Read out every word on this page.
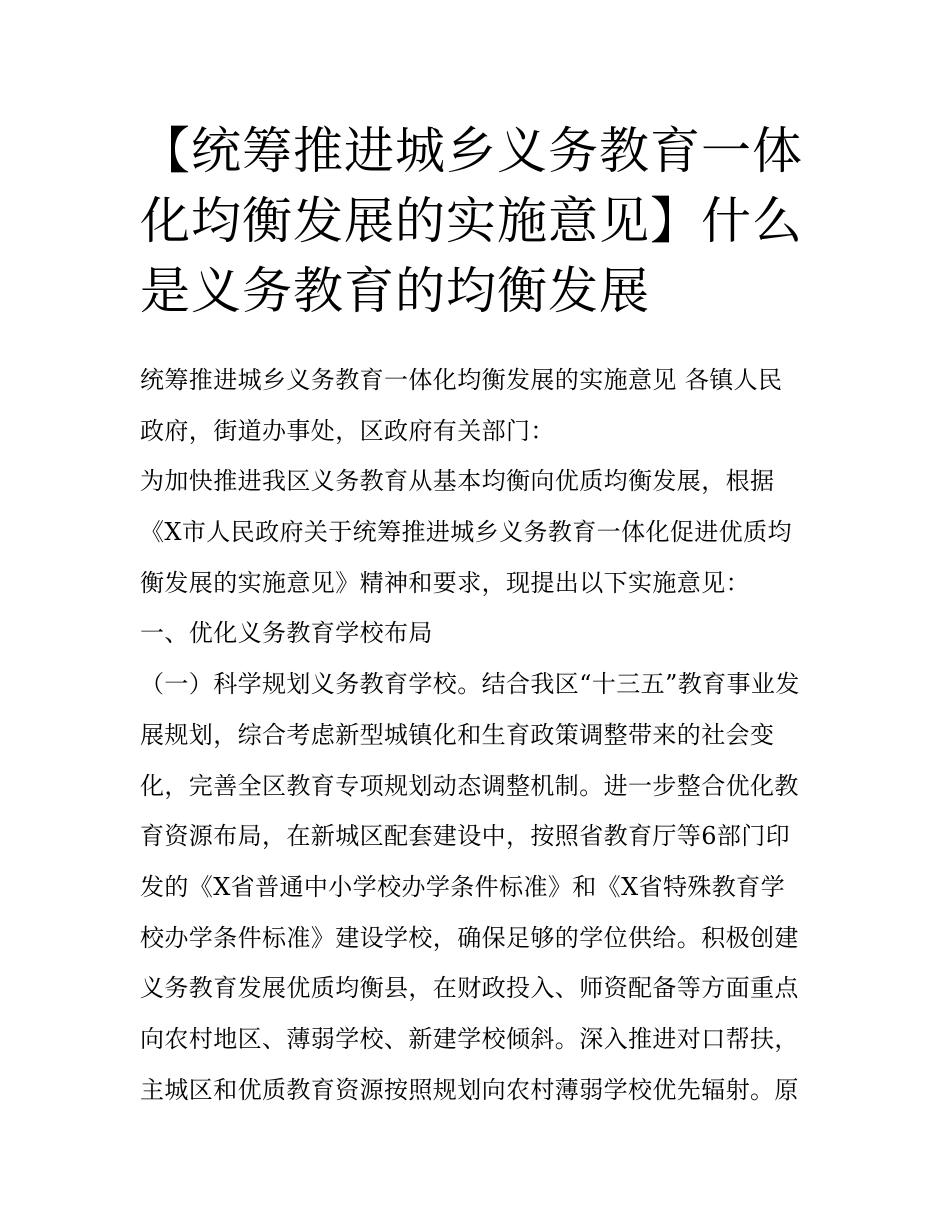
【统筹推进城乡义务教育一体
化均衡发展的实施意见】什么
是义务教育的均衡发展
统筹推进城乡义务教育一体化均衡发展的实施意见 各镇人民
政府，街道办事处，区政府有关部门：
为加快推进我区义务教育从基本均衡向优质均衡发展，根据
《X市人民政府关于统筹推进城乡义务教育一体化促进优质均
衡发展的实施意见》精神和要求，现提出以下实施意见：
一、优化义务教育学校布局
（一）科学规划义务教育学校。结合我区“十三五”教育事业发
展规划，综合考虑新型城镇化和生育政策调整带来的社会变
化，完善全区教育专项规划动态调整机制。进一步整合优化教
育资源布局，在新城区配套建设中，按照省教育厅等6部门印
发的《X省普通中小学校办学条件标准》和《X省特殊教育学
校办学条件标准》建设学校，确保足够的学位供给。积极创建
义务教育发展优质均衡县，在财政投入、师资配备等方面重点
向农村地区、薄弱学校、新建学校倾斜。深入推进对口帮扶，
主城区和优质教育资源按照规划向农村薄弱学校优先辐射。原
